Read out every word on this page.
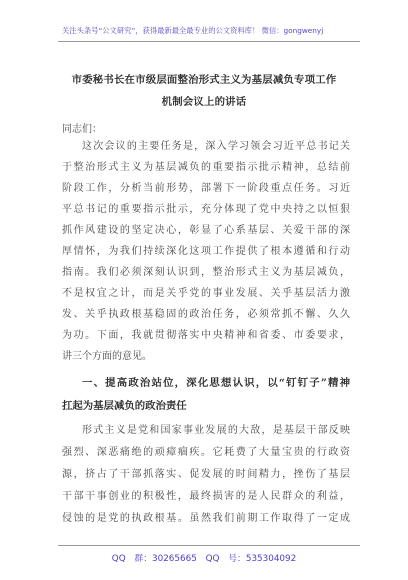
关注头条号“公文研究”，获得最新最全最专业的公文资料库！ 微信：gongwenyj
市委秘书长在市级层面整治形式主义为基层减负专项工作
机制会议上的讲话
同志们：
这次会议的主要任务是，深入学习领会习近平总书记关
于整治形式主义为基层减负的重要指示批示精神，总结前
阶段工作，分析当前形势，部署下一阶段重点任务。习近
平总书记的重要指示批示，充分体现了党中央持之以恒狠
抓作风建设的坚定决心，彰显了心系基层、关爱干部的深
厚情怀，为我们持续深化这项工作提供了根本遵循和行动
指南。我们必须深刻认识到，整治形式主义为基层减负，
不是权宜之计，而是关乎党的事业发展、关乎基层活力激
发、关乎执政根基稳固的政治任务，必须常抓不懈、久久
为功。下面，我就贯彻落实中央精神和省委、市委要求，
讲三个方面的意见。
一、提高政治站位，深化思想认识，以“钉钉子”精神
扛起为基层减负的政治责任
形式主义是党和国家事业发展的大敌，是基层干部反映
强烈、深恶痛绝的顽瘴痼疾。它耗费了大量宝贵的行政资
源，挤占了干部抓落实、促发展的时间精力，挫伤了基层
干部干事创业的积极性，最终损害的是人民群众的利益，
侵蚀的是党的执政根基。虽然我们前期工作取得了一定成
QQ 群：30265665 QQ 号：535304092
